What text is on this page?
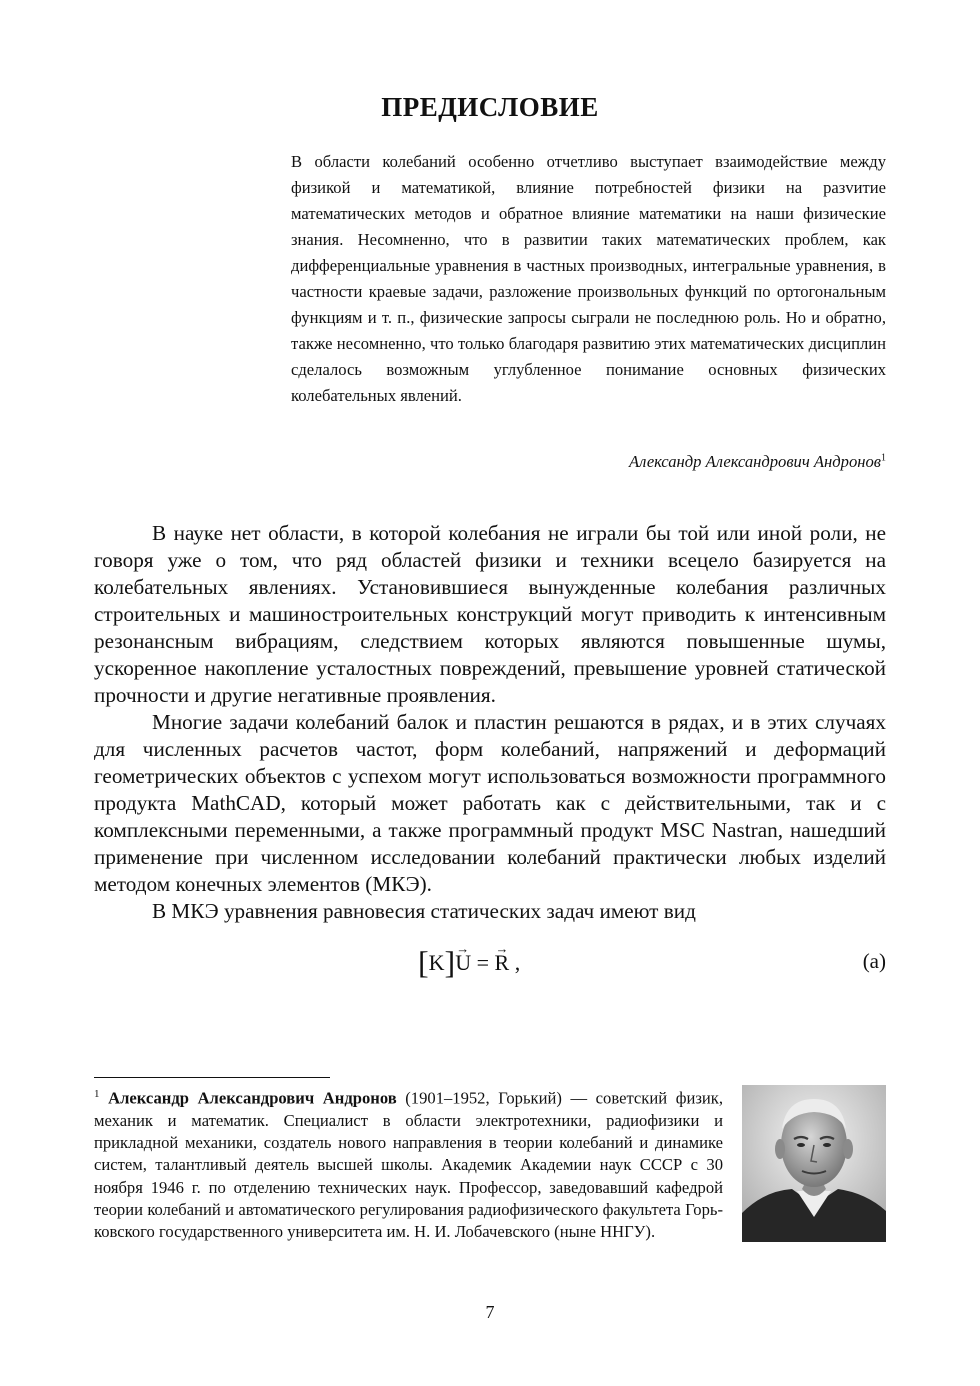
ПРЕДИСЛОВИЕ

В области колебаний особенно отчетливо выступает взаимодействие между физикой и математикой, влияние потребностей физики на разvитие математических методов и обратное влияние математики на наши физические знания. Несомненно, что в развитии таких математических проблем, как дифференциальные уравнения в частных производных, интегральные уравнения, в частности краевые задачи, разложение произвольных функций по ортогональным функциям и т. п., физические запросы сыграли не последнюю роль. Но и обратно, также несомненно, что только благодаря развитию этих математических дисциплин сделалось возможным углубленное понимание основных физических колебательных явлений.

Александр Александрович Андронов$^1$

В науке нет области, в которой колебания не играли бы той или иной роли, не говоря уже о том, что ряд областей физики и техники всецело базируется на колебательных явлениях. Установившиеся вынужденные колебания различных строительных и машиностроительных конструкций могут приводить к интенсивным резонансным вибрациям, следствием которых являются повышенные шумы, ускоренное накопление усталостных повреждений, превышение уровней статической прочности и другие негативные проявления.

Многие задачи колебаний балок и пластин решаются в рядах, и в этих случаях для численных расчетов частот, форм колебаний, напряжений и деформаций геометрических объектов с успехом могут использоваться возможности программного продукта MathCAD, который может работать как с действительными, так и с комплексными переменными, а также программный продукт MSC Nastran, нашедший применение при численном исследовании колебаний практически любых изделий методом конечных элементов (МКЭ).

В МКЭ уравнения равновесия статических задач имеют вид

[K]→ U = → R ,	(a)

$^1$ Александр Александрович Андронов (1901–1952, Горький) — советский физик, механик и математик. Специалист в области электротехники, радиофизики и прикладной механики, создатель нового направления в теории колебаний и динамике систем, талантливый деятель высшей школы. Академик Академии наук СССР с 30 ноября 1946 г. по отделению технических наук. Профессор, заведовавший кафедрой теории колебаний и автоматического регулирования радиофизического факультета Горьковского государственного университета им. Н. И. Лобачевского (ныне ННГУ).

7
